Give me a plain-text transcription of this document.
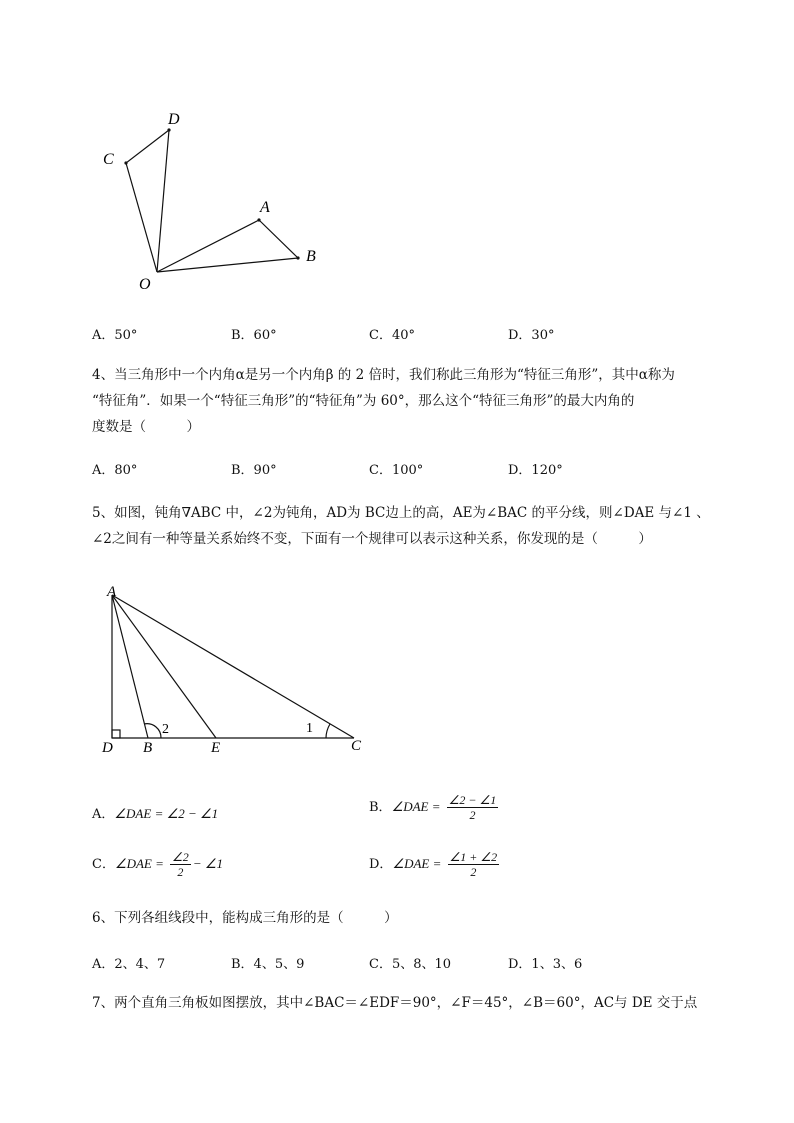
D
C
A
B
O
A．50°	B．60°	C．40°	D．30°
4、当三角形中一个内角α是另一个内角β 的 2 倍时，我们称此三角形为“特征三角形”，其中α称为
“特征角”．如果一个“特征三角形”的“特征角”为 60°，那么这个“特征三角形”的最大内角的
度数是（　　　）
A．80°	B．90°	C．100°	D．120°
5、如图，钝角∇ABC 中，∠2为钝角，AD为 BC边上的高，AE为∠BAC 的平分线，则∠DAE 与∠1 、
∠2之间有一种等量关系始终不变，下面有一个规律可以表示这种关系，你发现的是（　　　）
A
D B	E	C
1
2
A．∠DAE = ∠2 − ∠1	B．∠DAE = $\frac{\angle 2 - \angle 1}{2}$
C．∠DAE = $\frac{\angle 2}{2}$ − ∠1	D．∠DAE = $\frac{\angle 1 + \angle 2}{2}$
6、下列各组线段中，能构成三角形的是（　　　）
A．2、4、7	B．4、5、9	C．5、8、10	D．1、3、6
7、两个直角三角板如图摆放，其中∠BAC＝∠EDF＝90°，∠F＝45°，∠B＝60°，AC与 DE 交于点
